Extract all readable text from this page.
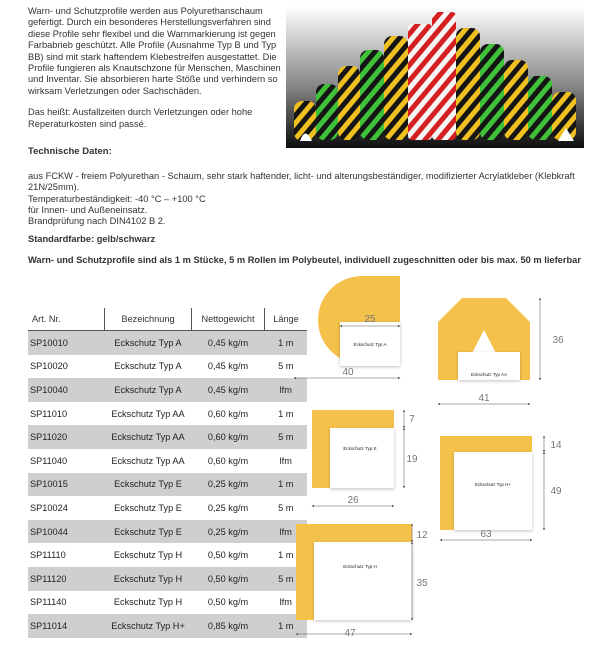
Warn- und Schutzprofile werden aus Polyurethanschaum gefertigt. Durch ein besonderes Herstellungsverfahren sind diese Profile sehr flexibel und die Warnmarkierung ist gegen Farbabrieb geschützt. Alle Profile (Ausnahme Typ B und Typ BB) sind mit stark haftendem Klebestreifen ausgestattet. Die Profile fungieren als Knautschzone für Menschen, Maschinen und Inventar. Sie absorbieren harte Stöße und verhindern so wirksam Verletzungen oder Sachschäden.

Das heißt: Ausfallzeiten durch Verletzungen oder hohe Reperaturkosten sind passé.

Technische Daten:
aus FCKW - freiem Polyurethan - Schaum, sehr stark haftender, licht- und alterungsbeständiger, modifizierter Acrylatkleber (Klebkraft 21N/25mm).
Temperaturbeständigkeit: -40 °C – +100 °C
für Innen- und Außeneinsatz.
Brandprüfung nach DIN4102 B 2.
Standardfarbe: gelb/schwarz
Warn- und Schutzprofile sind als 1 m Stücke, 5 m Rollen im Polybeutel, individuell zugeschnitten oder bis max. 50 m lieferbar
Art. Nr.	Bezeichnung	Nettogewicht	Länge
SP10010	Eckschutz Typ A	0,45 kg/m	1 m
SP10020	Eckschutz Typ A	0,45 kg/m	5 m
SP10040	Eckschutz Typ A	0,45 kg/m	lfm
SP11010	Eckschutz Typ AA	0,60 kg/m	1 m
SP11020	Eckschutz Typ AA	0,60 kg/m	5 m
SP11040	Eckschutz Typ AA	0,60 kg/m	lfm
SP10015	Eckschutz Typ E	0,25 kg/m	1 m
SP10024	Eckschutz Typ E	0,25 kg/m	5 m
SP10044	Eckschutz Typ E	0,25 kg/m	lfm
SP11110	Eckschutz Typ H	0,50 kg/m	1 m
SP11120	Eckschutz Typ H	0,50 kg/m	5 m
SP11140	Eckschutz Typ H	0,50 kg/m	lfm
SP11014	Eckschutz Typ H+	0,85 kg/m	1 m
Eckschutz Typ A
25
40	Eckschutz Typ AA
36
41
Eckschutz Typ E
7
19
26
Eckschutz Typ H+
14
49
63
Eckschutz Typ H
12
35
47
